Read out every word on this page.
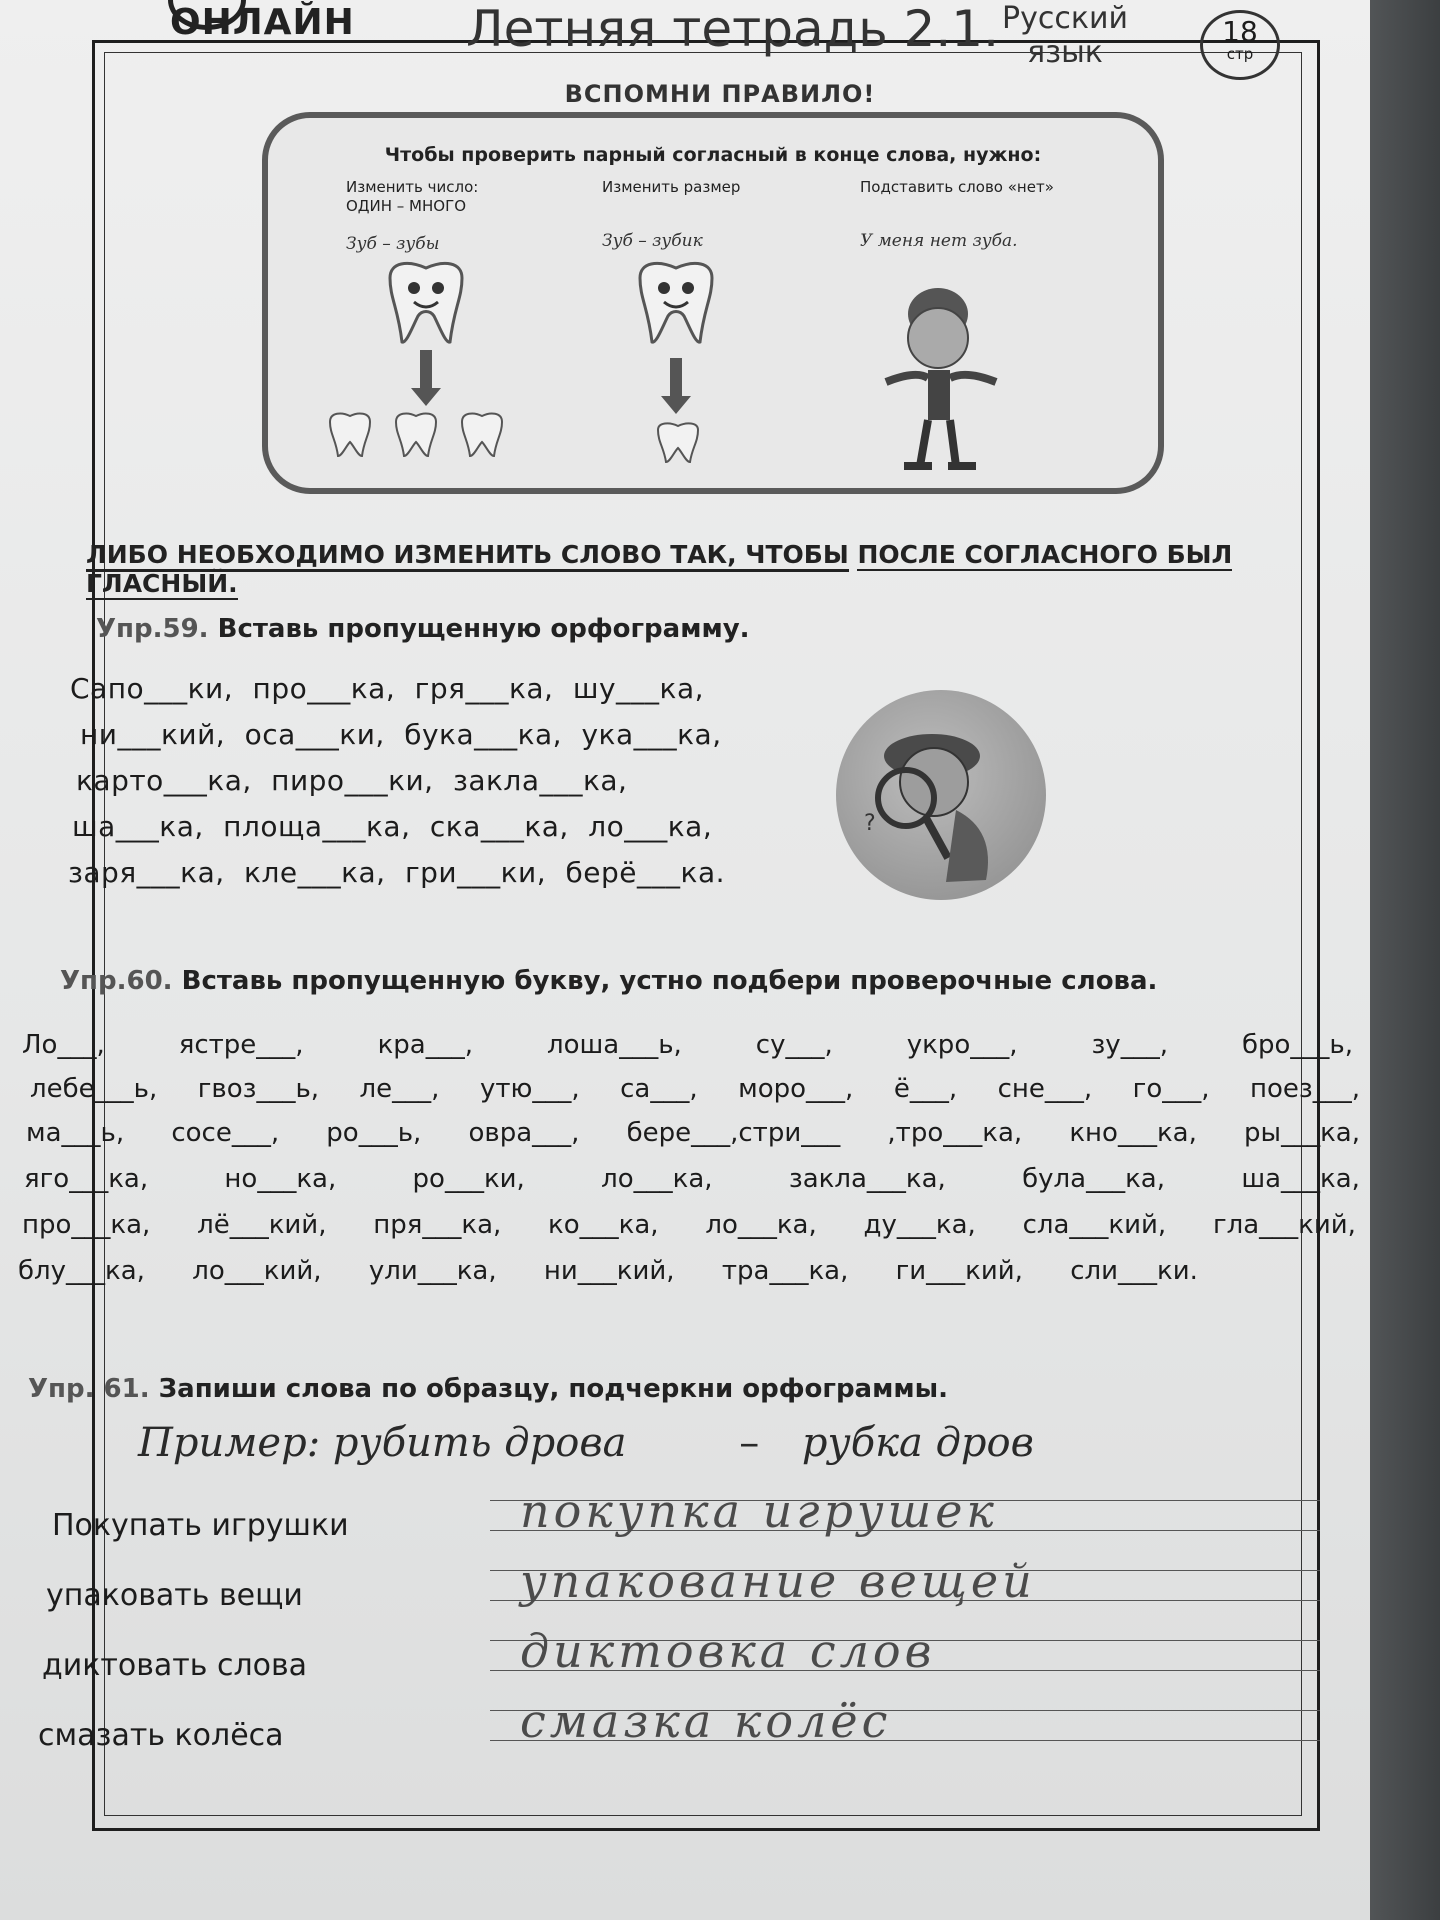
ОНЛАЙН Летняя тетрадь 2.1. Русский
язык
18
стр
ВСПОМНИ ПРАВИЛО!
Чтобы проверить парный согласный в конце слова, нужно:
Изменить число:
ОДИН – МНОГО
Зуб – зубы
Изменить размер
Зуб – зубик
Подставить слово «нет»
У меня нет зуба.
ЛИБО НЕОБХОДИМО ИЗМЕНИТЬ СЛОВО ТАК, ЧТОБЫ ПОСЛЕ СОГЛАСНОГО БЫЛ ГЛАСНЫЙ.
Упр.59. Вставь пропущенную орфограмму.
Сапо___ки, про___ка, гря___ка, шу___ка,
ни___кий, оса___ки, бука___ка, ука___ка,
карто___ка, пиро___ки, закла___ка,
ша___ка, площа___ка, ска___ка, ло___ка,
заря___ка, кле___ка, гри___ки, берё___ка.
?
Упр.60. Вставь пропущенную букву, устно подбери проверочные слова.
Ло___,	ястре___,	кра___,	лоша___ь,	су___,	укро___,	зу___,	бро___ь,
лебе___ь, гвоз___ь, ле___, утю___, са___, моро___, ё___, сне___, го___, поез___,
ма___ь, сосе___, ро___ь, овра___, бере___,стри___ ,тро___ка, кно___ка, ры___ка,
яго___ка,	но___ка,	ро___ки,	ло___ка,	закла___ка,	була___ка,	ша___ка,
про___ка, лё___кий, пря___ка, ко___ка, ло___ка, ду___ка, сла___кий, гла___кий,
блу___ка, ло___кий, ули___ка, ни___кий, тра___ка, ги___кий, сли___ки.
Упр. 61. Запиши слова по образцу, подчеркни орфограммы.
Пример: рубить дрова	– рубка дров
Покупать игрушки	покупка игрушек
упаковать вещи	упакование вещей
диктовать слова	диктовка слов
смазать колёса	смазка колёс
